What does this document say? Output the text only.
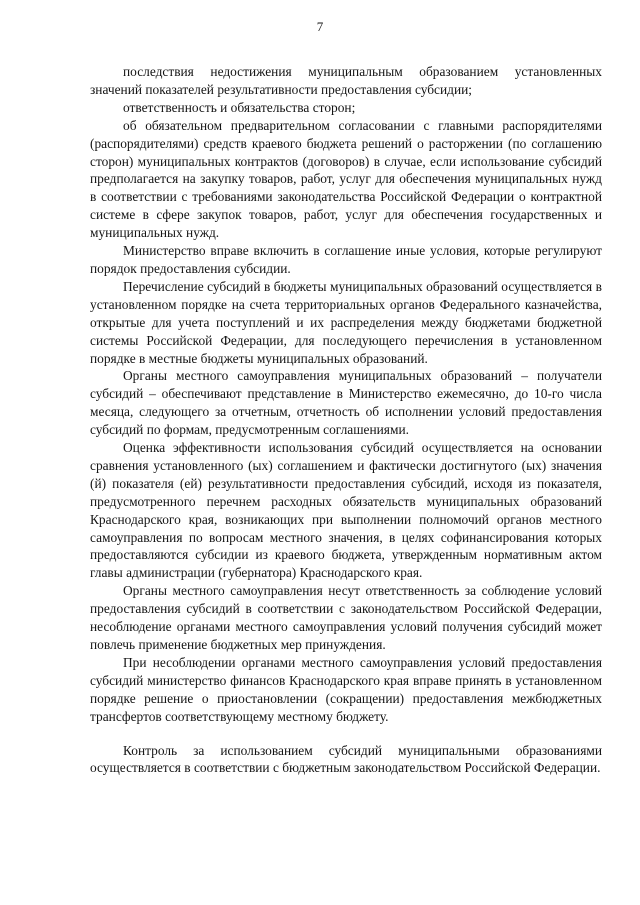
7

последствия недостижения муниципальным образованием установленных значений показателей результативности предоставления субсидии;

ответственность и обязательства сторон;

об обязательном предварительном согласовании с главными распорядителями (распорядителями) средств краевого бюджета решений о расторжении (по соглашению сторон) муниципальных контрактов (договоров) в случае, если использование субсидий предполагается на закупку товаров, работ, услуг для обеспечения муниципальных нужд в соответствии с требованиями законодательства Российской Федерации о контрактной системе в сфере закупок товаров, работ, услуг для обеспечения государственных и муниципальных нужд.

Министерство вправе включить в соглашение иные условия, которые регулируют порядок предоставления субсидии.

Перечисление субсидий в бюджеты муниципальных образований осуществляется в установленном порядке на счета территориальных органов Федерального казначейства, открытые для учета поступлений и их распределения между бюджетами бюджетной системы Российской Федерации, для последующего перечисления в установленном порядке в местные бюджеты муниципальных образований.

Органы местного самоуправления муниципальных образований – получатели субсидий – обеспечивают представление в Министерство ежемесячно, до 10-го числа месяца, следующего за отчетным, отчетность об исполнении условий предоставления субсидий по формам, предусмотренным соглашениями.

Оценка эффективности использования субсидий осуществляется на основании сравнения установленного (ых) соглашением и фактически достигнутого (ых) значения (й) показателя (ей) результативности предоставления субсидий, исходя из показателя, предусмотренного перечнем расходных обязательств муниципальных образований Краснодарского края, возникающих при выполнении полномочий органов местного самоуправления по вопросам местного значения, в целях софинансирования которых предоставляются субсидии из краевого бюджета, утвержденным нормативным актом главы администрации (губернатора) Краснодарского края.

Органы местного самоуправления несут ответственность за соблюдение условий предоставления субсидий в соответствии с законодательством Российской Федерации, несоблюдение органами местного самоуправления условий получения субсидий может повлечь применение бюджетных мер принуждения.

При несоблюдении органами местного самоуправления условий предоставления субсидий министерство финансов Краснодарского края вправе принять в установленном порядке решение о приостановлении (сокращении) предоставления межбюджетных трансфертов соответствующему местному бюджету.

Контроль за использованием субсидий муниципальными образованиями осуществляется в соответствии с бюджетным законодательством Российской Федерации.
